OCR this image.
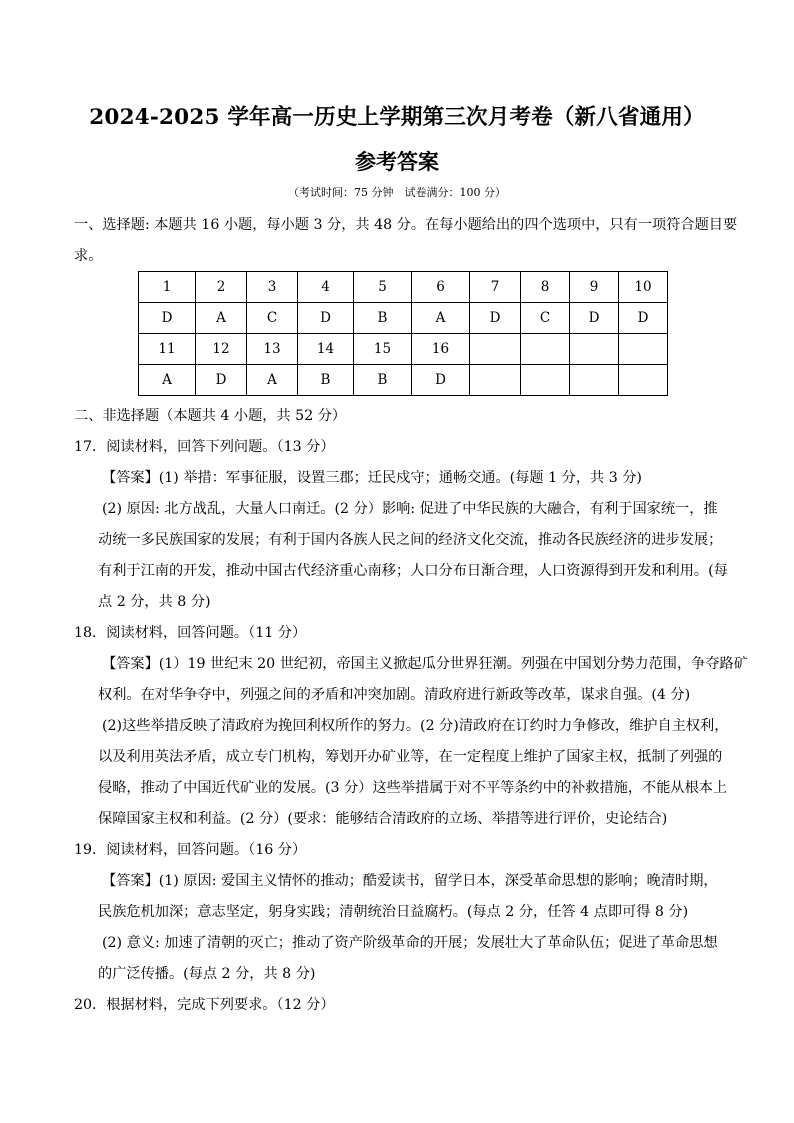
2024-2025 学年高一历史上学期第三次月考卷（新八省通用）
参考答案
（考试时间：75 分钟　试卷满分：100 分）
一、选择题: 本题共 16 小题，每小题 3 分，共 48 分。在每小题给出的四个选项中，只有一项符合题目要
求。
1	2	3	4	5	6	7	8	9	10
D	A	C	D	B	A	D	C	D	D
11	12	13	14	15	16				
A	D	A	B	B	D				
二、非选择题（本题共 4 小题，共 52 分）
17．阅读材料，回答下列问题。（13 分）
【答案】(1) 举措：军事征服，设置三郡；迁民戍守；通畅交通。(每题 1 分，共 3 分)
(2) 原因: 北方战乱，大量人口南迁。(2 分）影响: 促进了中华民族的大融合，有利于国家统一，推
动统一多民族国家的发展；有利于国内各族人民之间的经济文化交流，推动各民族经济的进步发展；
有利于江南的开发，推动中国古代经济重心南移；人口分布日渐合理，人口资源得到开发和利用。(每
点 2 分，共 8 分)
18．阅读材料，回答问题。（11 分）
【答案】(1）19 世纪末 20 世纪初，帝国主义掀起瓜分世界狂潮。列强在中国划分势力范围，争夺路矿
权利。在对华争夺中，列强之间的矛盾和冲突加剧。清政府进行新政等改革，谋求自强。(4 分)
(2)这些举措反映了清政府为挽回利权所作的努力。(2 分)清政府在订约时力争修改，维护自主权利，
以及利用英法矛盾，成立专门机构，筹划开办矿业等，在一定程度上维护了国家主权，抵制了列强的
侵略，推动了中国近代矿业的发展。(3 分）这些举措属于对不平等条约中的补救措施，不能从根本上
保障国家主权和利益。(2 分）(要求：能够结合清政府的立场、举措等进行评价，史论结合)
19．阅读材料，回答问题。（16 分）
【答案】(1) 原因: 爱国主义情怀的推动；酷爱读书，留学日本，深受革命思想的影响；晚清时期，
民族危机加深；意志坚定，躬身实践；清朝统治日益腐朽。(每点 2 分，任答 4 点即可得 8 分)
(2) 意义: 加速了清朝的灭亡；推动了资产阶级革命的开展；发展壮大了革命队伍；促进了革命思想
的广泛传播。(每点 2 分，共 8 分)
20．根据材料，完成下列要求。（12 分）
